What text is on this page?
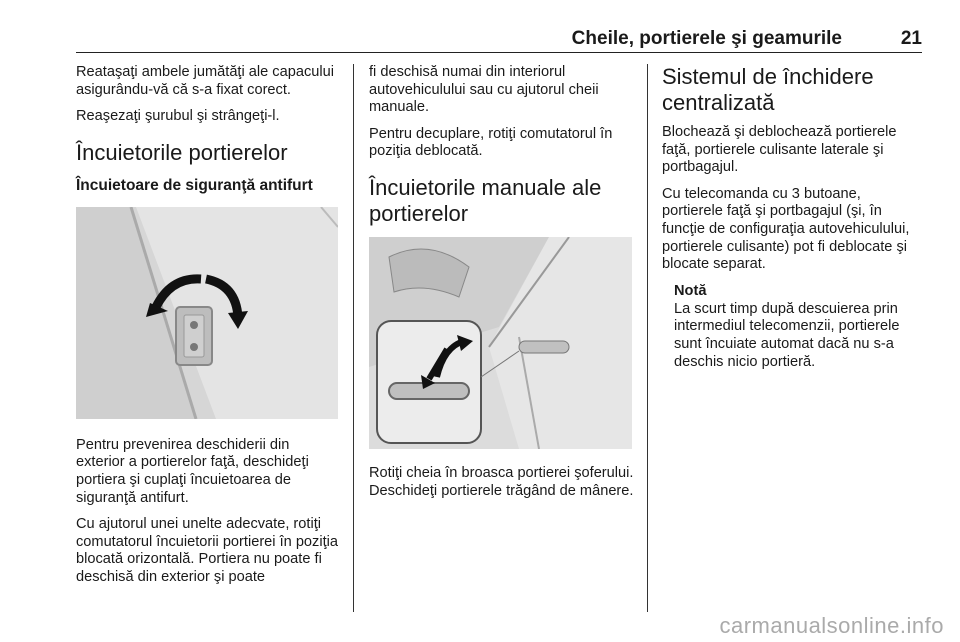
Cheile, portierele şi geamurile	21

Reataşaţi ambele jumătăţi ale capacului asigurându-vă că s-a fixat corect.

Reaşezaţi şurubul şi strângeţi-l.

Încuietorile portierelor
Încuietoare de siguranţă antifurt

Pentru prevenirea deschiderii din exterior a portierelor faţă, deschideţi portiera şi cuplaţi încuietoarea de siguranţă antifurt.

Cu ajutorul unei unelte adecvate, rotiţi comutatorul încuietorii portierei în poziţia blocată orizontală. Portiera nu poate fi deschisă din exterior şi poate

fi deschisă numai din interiorul autovehiculului sau cu ajutorul cheii manuale.

Pentru decuplare, rotiţi comutatorul în poziţia deblocată.

Încuietorile manuale ale portierelor

Rotiţi cheia în broasca portierei şoferului. Deschideţi portierele trăgând de mânere.

Sistemul de închidere centralizată

Blochează şi deblochează portierele faţă, portierele culisante laterale şi portbagajul.

Cu telecomanda cu 3 butoane, portierele faţă şi portbagajul (şi, în funcţie de configuraţia autovehiculului, portierele culisante) pot fi deblocate şi blocate separat.

Notă

La scurt timp după descuierea prin intermediul telecomenzii, portierele sunt încuiate automat dacă nu s-a deschis nicio portieră.

carmanualsonline.info
